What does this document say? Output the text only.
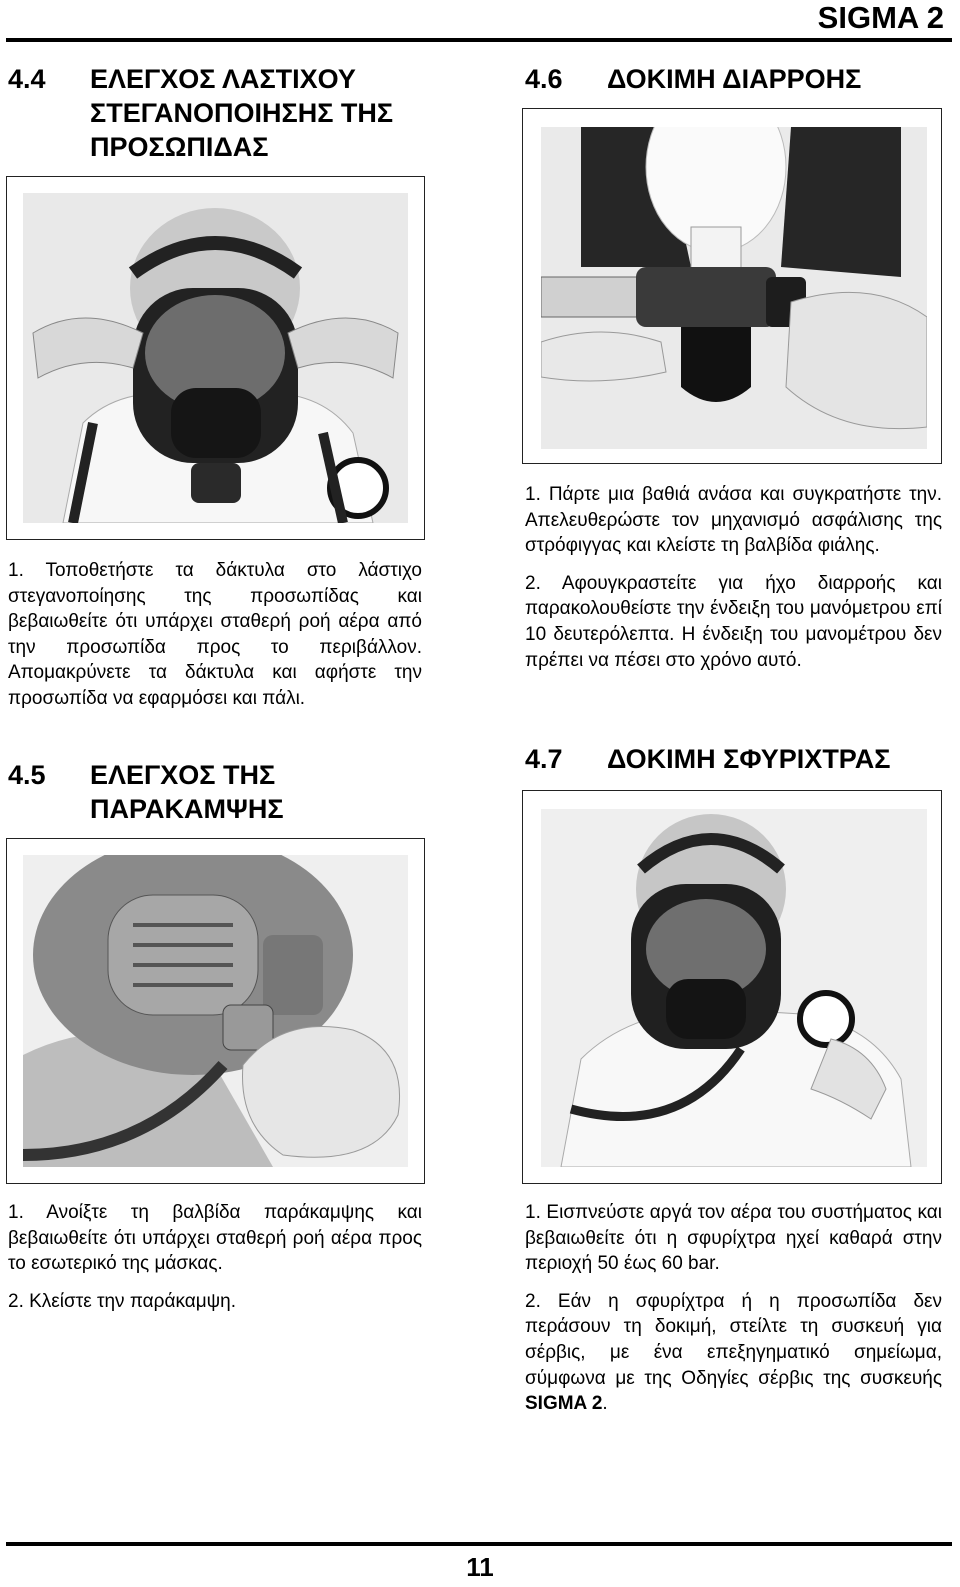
SIGMA 2
4.4	ΕΛΕΓΧΟΣ ΛΑΣΤΙΧΟΥ
ΣΤΕΓΑΝΟΠΟΙΗΣΗΣ ΤΗΣ
ΠΡΟΣΩΠΙΔΑΣ

1. Τοποθετήστε τα δάκτυλα στο λάστιχο στεγανοποίησης της προσωπίδας και βεβαιωθείτε ότι υπάρχει σταθερή ροή αέρα από την προσωπίδα προς το περιβάλλον. Απομακρύνετε τα δάκτυλα και αφήστε την προσωπίδα να εφαρμόσει και πάλι.

4.5	ΕΛΕΓΧΟΣ ΤΗΣ
ΠΑΡΑΚΑΜΨΗΣ

1. Ανοίξτε τη βαλβίδα παράκαμψης και βεβαιωθείτε ότι υπάρχει σταθερή ροή αέρα προς το εσωτερικό της μάσκας.

2. Κλείστε την παράκαμψη.

4.6	ΔΟΚΙΜΗ ΔΙΑΡΡΟΗΣ

1. Πάρτε μια βαθιά ανάσα και συγκρατήστε την. Απελευθερώστε τον μηχανισμό ασφάλισης της στρόφιγγας και κλείστε τη βαλβίδα φιάλης.

2. Αφουγκραστείτε για ήχο διαρροής και παρακολουθείστε την ένδειξη του μανόμετρου επί 10 δευτερόλεπτα. Η ένδειξη του μανομέτρου δεν πρέπει να πέσει στο χρόνο αυτό.

4.7	ΔΟΚΙΜΗ ΣΦΥΡΙΧΤΡΑΣ

1. Εισπνεύστε αργά τον αέρα του συστήματος και βεβαιωθείτε ότι η σφυρίχτρα ηχεί καθαρά στην περιοχή 50 έως 60 bar.

2. Εάν η σφυρίχτρα ή η προσωπίδα δεν περάσουν τη δοκιμή, στείλτε τη συσκευή για σέρβις, με ένα επεξηγηματικό σημείωμα, σύμφωνα με της Οδηγίες σέρβις της συσκευής SIGMA 2.

11
